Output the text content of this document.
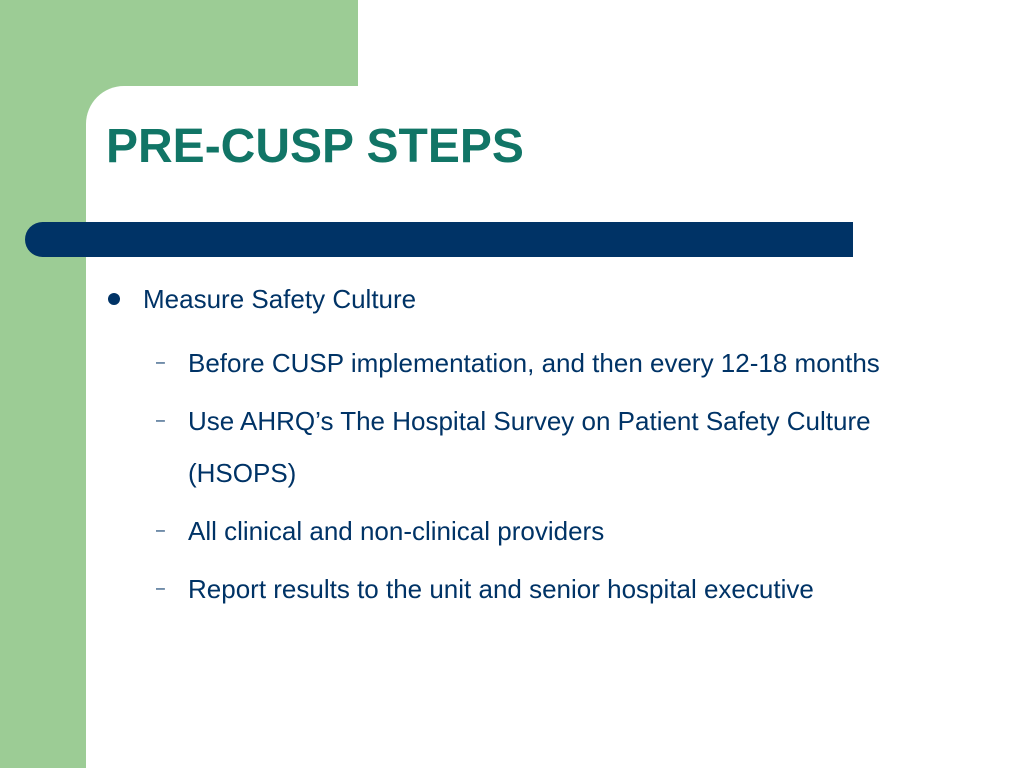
PRE-CUSP STEPS
Measure Safety Culture
– Before CUSP implementation, and then every 12-18 months
– Use AHRQ’s The Hospital Survey on Patient Safety Culture (HSOPS)
– All clinical and non-clinical providers
– Report results to the unit and senior hospital executive
